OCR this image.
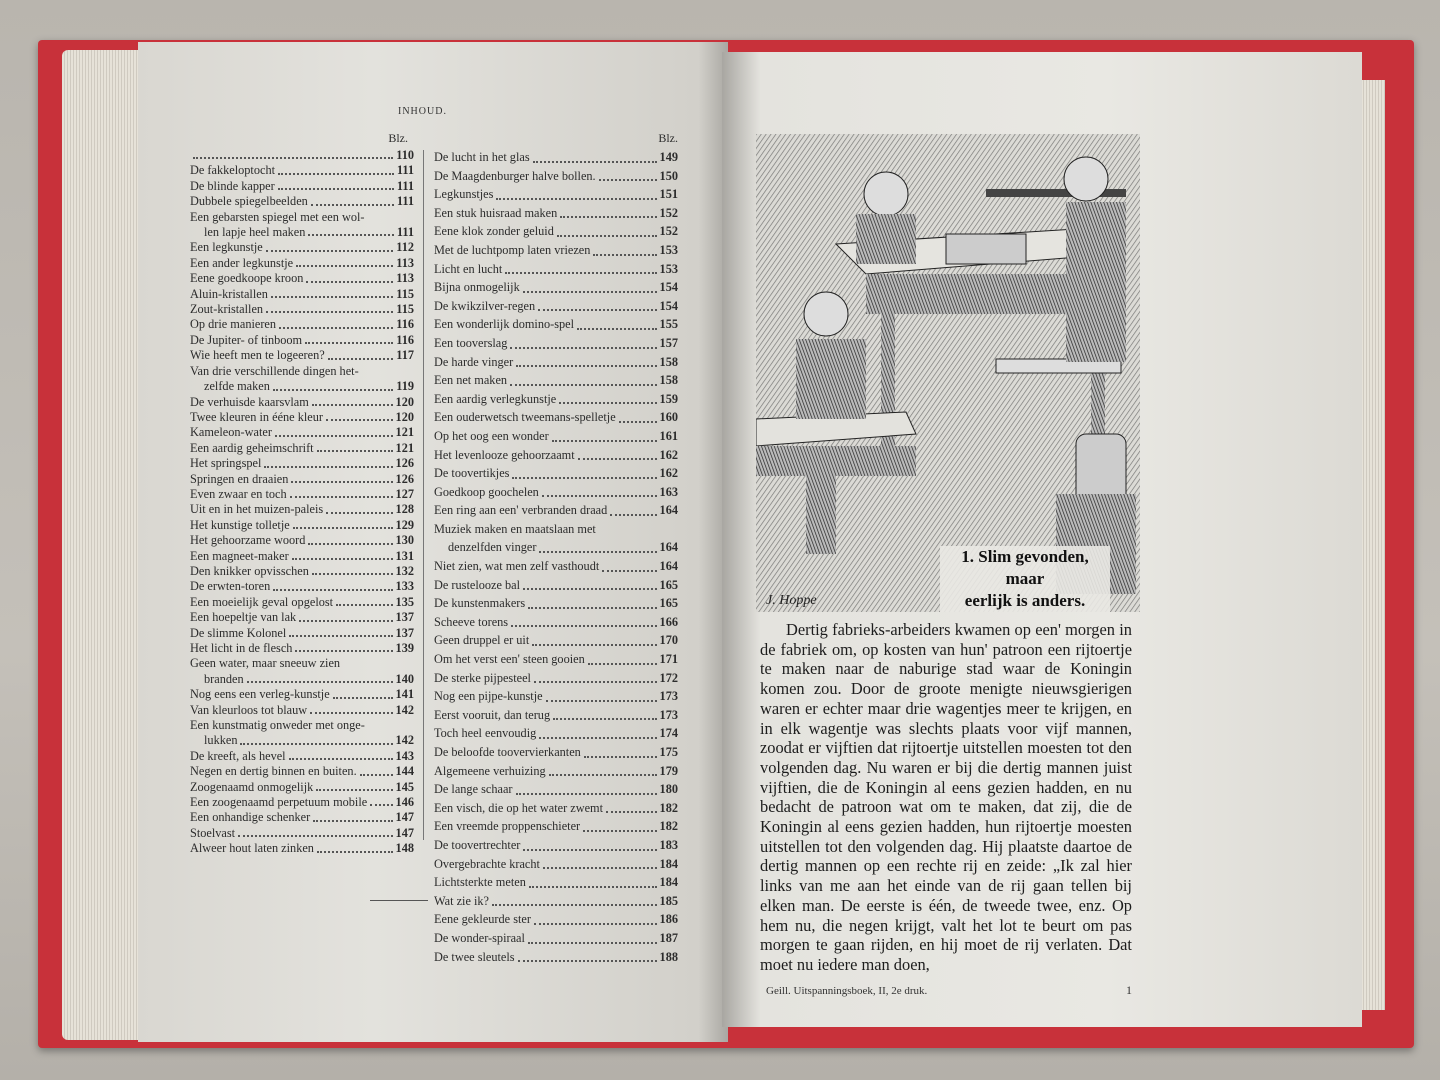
INHOUD.
Blz.
110
De fakkeloptocht	111
De blinde kapper	111
Dubbele spiegelbeelden	111
Een gebarsten spiegel met een wol-
len lapje heel maken	111
Een legkunstje	112
Een ander legkunstje	113
Eene goedkoope kroon	113
Aluin-kristallen	115
Zout-kristallen	115
Op drie manieren	116
De Jupiter- of tinboom	116
Wie heeft men te logeeren?	117
Van drie verschillende dingen het-
zelfde maken	119
De verhuisde kaarsvlam	120
Twee kleuren in ééne kleur	120
Kameleon-water	121
Een aardig geheimschrift	121
Het springspel	126
Springen en draaien	126
Even zwaar en toch	127
Uit en in het muizen-paleis	128
Het kunstige tolletje	129
Het gehoorzame woord	130
Een magneet-maker	131
Den knikker opvisschen	132
De erwten-toren	133
Een moeielijk geval opgelost	135
Een hoepeltje van lak	137
De slimme Kolonel	137
Het licht in de flesch	139
Geen water, maar sneeuw zien
branden	140
Nog eens een verleg-kunstje	141
Van kleurloos tot blauw	142
Een kunstmatig onweder met onge-
lukken	142
De kreeft, als hevel	143
Negen en dertig binnen en buiten.	144
Zoogenaamd onmogelijk	145
Een zoogenaamd perpetuum mobile 146
Een onhandige schenker	147
Stoelvast	147
Alweer hout laten zinken	148
Blz.
De lucht in het glas	149
De Maagdenburger halve bollen.	150
Legkunstjes	151
Een stuk huisraad maken	152
Eene klok zonder geluid	152
Met de luchtpomp laten vriezen	153
Licht en lucht	153
Bijna onmogelijk	154
De kwikzilver-regen	154
Een wonderlijk domino-spel	155
Een tooverslag	157
De harde vinger	158
Een net maken	158
Een aardig verlegkunstje	159
Een ouderwetsch tweemans-spelletje	160
Op het oog een wonder	161
Het levenlooze gehoorzaamt	162
De toovertikjes	162
Goedkoop goochelen	163
Een ring aan een' verbranden draad	164
Muziek maken en maatslaan met
denzelfden vinger	164
Niet zien, wat men zelf vasthoudt	164
De rustelooze bal	165
De kunstenmakers	165
Scheeve torens	166
Geen druppel er uit	170
Om het verst een' steen gooien	171
De sterke pijpesteel	172
Nog een pijpe-kunstje	173
Eerst vooruit, dan terug	173
Toch heel eenvoudig	174
De beloofde toovervierkanten	175
Algemeene verhuizing	179
De lange schaar	180
Een visch, die op het water zwemt	182
Een vreemde proppenschieter	182
De toovertrechter	183
Overgebrachte kracht	184
Lichtsterkte meten	184
Wat zie ik?	185
Eene gekleurde ster	186
De wonder-spiraal	187
De twee sleutels	188
J. Hoppe
1. Slim gevonden,
maar
eerlijk is anders.
Dertig fabrieks-arbeiders kwamen op een' morgen in de fabriek om, op kosten van hun' patroon een rijtoertje te maken naar de naburige stad waar de Koningin komen zou. Door de groote menigte nieuwsgierigen waren er echter maar drie wagentjes meer te krijgen, en in elk wagentje was slechts plaats voor vijf mannen, zoodat er vijftien dat rijtoertje uitstellen moesten tot den volgenden dag. Nu waren er bij die dertig mannen juist vijftien, die de Koningin al eens gezien hadden, en nu bedacht de patroon wat om te maken, dat zij, die de Koningin al eens gezien hadden, hun rijtoertje moesten uitstellen tot den volgenden dag. Hij plaatste daartoe de dertig mannen op een rechte rij en zeide: „Ik zal hier links van me aan het einde van de rij gaan tellen bij elken man. De eerste is één, de tweede twee, enz. Op hem nu, die negen krijgt, valt het lot te beurt om pas morgen te gaan rijden, en hij moet de rij verlaten. Dat moet nu iedere man doen,
Geill. Uitspanningsboek, II, 2e druk.	1
